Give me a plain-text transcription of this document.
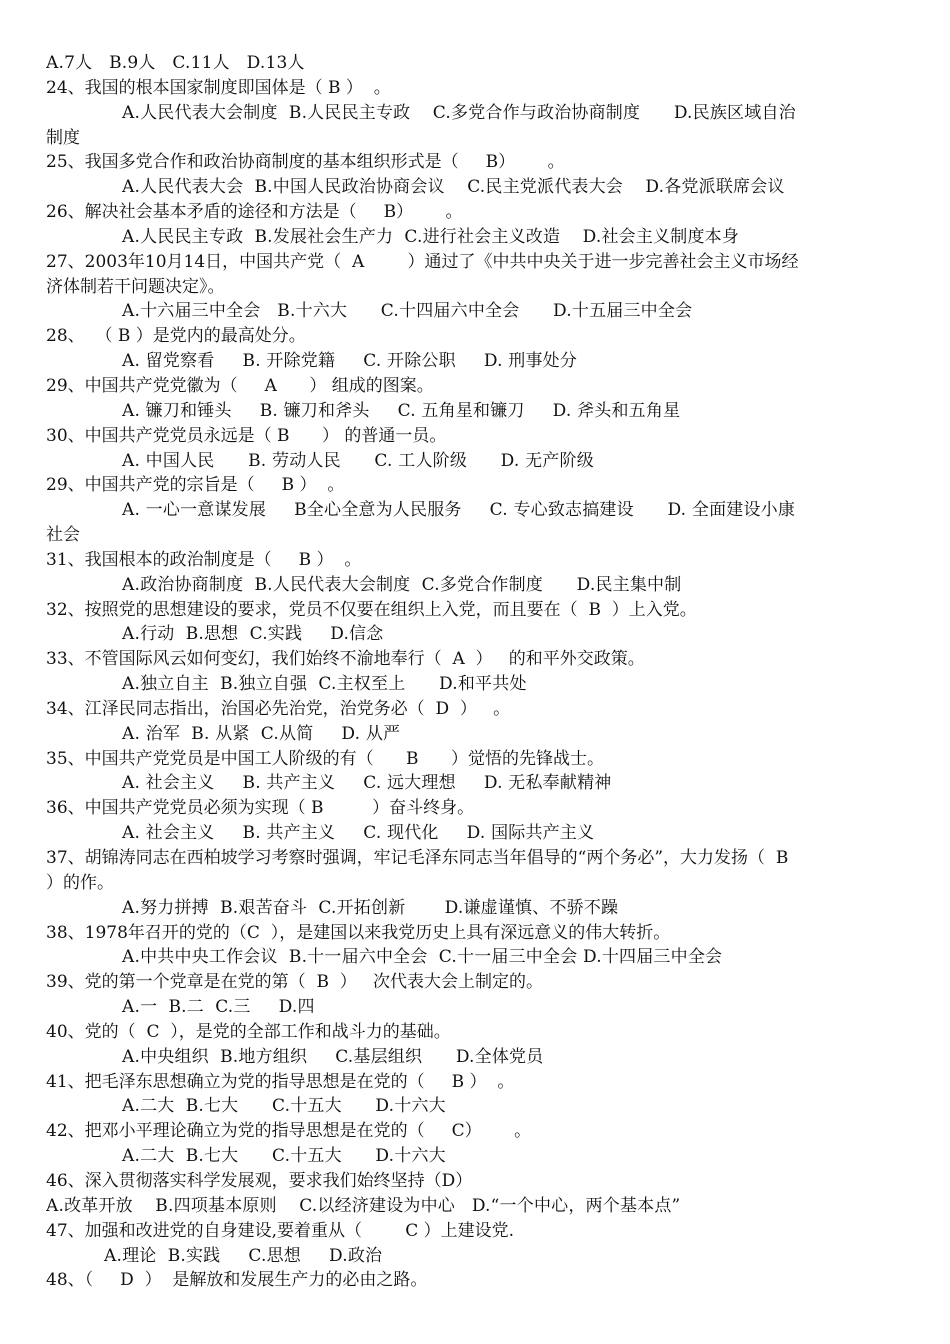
A.7人   B.9人   C.11人   D.13人
24、我国的根本国家制度即国体是（ B ）  。
A.人民代表大会制度  B.人民民主专政    C.多党合作与政治协商制度      D.民族区域自治
制度
25、我国多党合作和政治协商制度的基本组织形式是（     B）      。
A.人民代表大会  B.中国人民政治协商会议    C.民主党派代表大会    D.各党派联席会议
26、解决社会基本矛盾的途径和方法是（     B）      。
A.人民民主专政  B.发展社会生产力  C.进行社会主义改造    D.社会主义制度本身
27、2003年10月14日，中国共产党（  A        ）通过了《中共中央关于进一步完善社会主义市场经
济体制若干问题决定》。
A.十六届三中全会   B.十六大      C.十四届六中全会      D.十五届三中全会
28、  （ B ）是党内的最高处分。
A. 留党察看     B. 开除党籍     C. 开除公职     D. 刑事处分
29、中国共产党党徽为（     A      ） 组成的图案。
A. 镰刀和锤头     B. 镰刀和斧头     C. 五角星和镰刀     D. 斧头和五角星
30、中国共产党党员永远是（ B      ） 的普通一员。
A. 中国人民      B. 劳动人民      C. 工人阶级      D. 无产阶级
29、中国共产党的宗旨是（     B ）  。
A. 一心一意谋发展     B全心全意为人民服务     C. 专心致志搞建设      D. 全面建设小康
社会
31、我国根本的政治制度是（     B ）  。
A.政治协商制度  B.人民代表大会制度  C.多党合作制度      D.民主集中制
32、按照党的思想建设的要求，党员不仅要在组织上入党，而且要在（  B  ）上入党。
A.行动  B.思想  C.实践     D.信念
33、不管国际风云如何变幻，我们始终不渝地奉行（  A  ）   的和平外交政策。
A.独立自主  B.独立自强  C.主权至上      D.和平共处
34、江泽民同志指出，治国必先治党，治党务必（  D  ）   。
A. 治军  B. 从紧  C.从简     D. 从严
35、中国共产党党员是中国工人阶级的有（      B      ）觉悟的先锋战士。
A. 社会主义     B. 共产主义     C. 远大理想     D. 无私奉献精神
36、中国共产党党员必须为实现（ B         ）奋斗终身。
A. 社会主义     B. 共产主义     C. 现代化     D. 国际共产主义
37、胡锦涛同志在西柏坡学习考察时强调，牢记毛泽东同志当年倡导的“两个务必”，大力发扬（  B
）的作。
A.努力拼搏  B.艰苦奋斗  C.开拓创新       D.谦虚谨慎、不骄不躁
38、1978年召开的党的（C  ），是建国以来我党历史上具有深远意义的伟大转折。
A.中共中央工作会议  B.十一届六中全会  C.十一届三中全会 D.十四届三中全会
39、党的第一个党章是在党的第（  B  ）   次代表大会上制定的。
A.一  B.二  C.三     D.四
40、党的（  C  ），是党的全部工作和战斗力的基础。
A.中央组织  B.地方组织     C.基层组织      D.全体党员
41、把毛泽东思想确立为党的指导思想是在党的（     B ）  。
A.二大  B.七大      C.十五大      D.十六大
42、把邓小平理论确立为党的指导思想是在党的（     C）      。
A.二大  B.七大      C.十五大      D.十六大
46、深入贯彻落实科学发展观，要求我们始终坚持（D）
A.改革开放    B.四项基本原则    C.以经济建设为中心   D.“一个中心，两个基本点”
47、加强和改进党的自身建设,要着重从（        C ）上建设党.
A.理论  B.实践     C.思想     D.政治
48、（     D  ）  是解放和发展生产力的必由之路。
